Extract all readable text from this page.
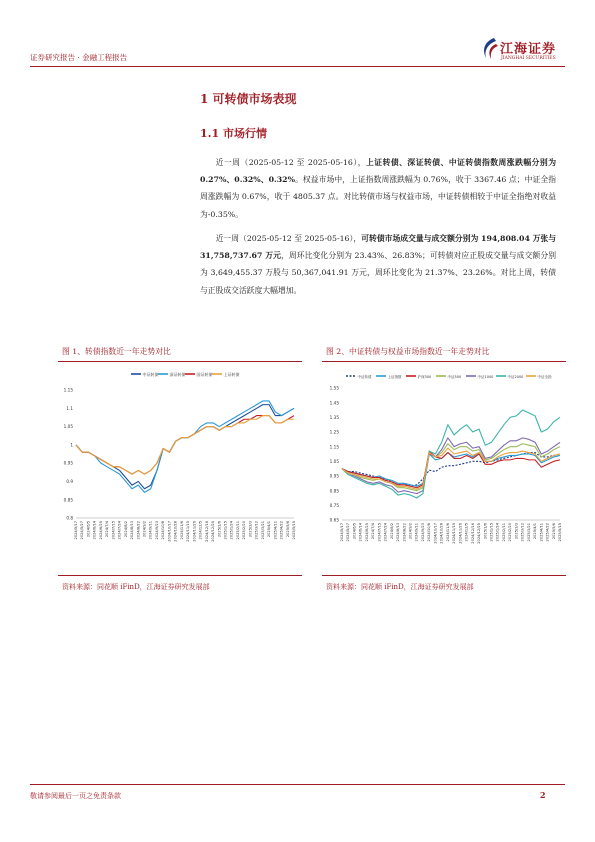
证券研究报告 · 金融工程报告
江海证券
JIANGHAI SECURITIES
1 可转债市场表现
1.1 市场行情
近一周（2025-05-12 至 2025-05-16），上证转债、深证转债、中证转债指数周涨跌幅分别为 0.27%、0.32%、0.32%。权益市场中，上证指数周涨跌幅为 0.76%，收于 3367.46 点；中证全指周涨跌幅为 0.67%，收于 4805.37 点。对比转债市场与权益市场，中证转债相较于中证全指绝对收益为-0.35%。
近一周（2025-05-12 至 2025-05-16），可转债市场成交量与成交额分别为 194,808.04 万张与 31,758,737.67 万元，周环比变化分别为 23.43%、26.83%；可转债对应正股成交量与成交额分别为 3,649,455.37 万股与 50,367,041.91 万元，周环比变化为 21.37%、23.26%。对比上周，转债与正股成交活跃度大幅增加。
图 1、转债指数近一年走势对比
中证转债	深证转债	国证转债	上证转债
0.8
0.85
0.9
0.95
1
1.05
1.1
1.15
2024/5/17 2024/5/27 2024/6/5 2024/6/14 2024/6/25 2024/7/4 2024/7/15 2024/7/24 2024/8/2 2024/8/13 2024/8/22 2024/9/2 2024/9/11 2024/9/23 2024/10/8 2024/10/17 2024/10/28 2024/11/6 2024/11/15 2024/11/26 2024/12/5 2024/12/16 2024/12/25 2025/1/6 2025/1/15 2025/1/24 2025/2/11 2025/2/20 2025/3/3 2025/3/12 2025/3/21 2025/4/1 2025/4/11 2025/4/22 2025/5/6 2025/5/15
资料来源：同花顺 iFinD，江海证券研究发展部
图 2、中证转债与权益市场指数近一年走势对比
中证转债	上证指数	沪深300	中证500	中证1000	中证2000	中证全指
0.65
0.75
0.85
0.95
1.05
1.15
1.25
1.35
1.45
1.55
2024/5/17 2024/5/27 2024/6/5 2024/6/14 2024/6/25 2024/7/4 2024/7/15 2024/7/24 2024/8/2 2024/8/13 2024/8/22 2024/9/2 2024/9/11 2024/9/23 2024/10/8 2024/10/17 2024/10/28 2024/11/6 2024/11/15 2024/11/26 2024/12/5 2024/12/16 2024/12/25 2025/1/6 2025/1/15 2025/1/24 2025/2/11 2025/2/20 2025/3/3 2025/3/12 2025/3/21 2025/4/1 2025/4/11 2025/4/22 2025/5/6 2025/5/15
资料来源：同花顺 iFinD，江海证券研究发展部
敬请参阅最后一页之免责条款	2
